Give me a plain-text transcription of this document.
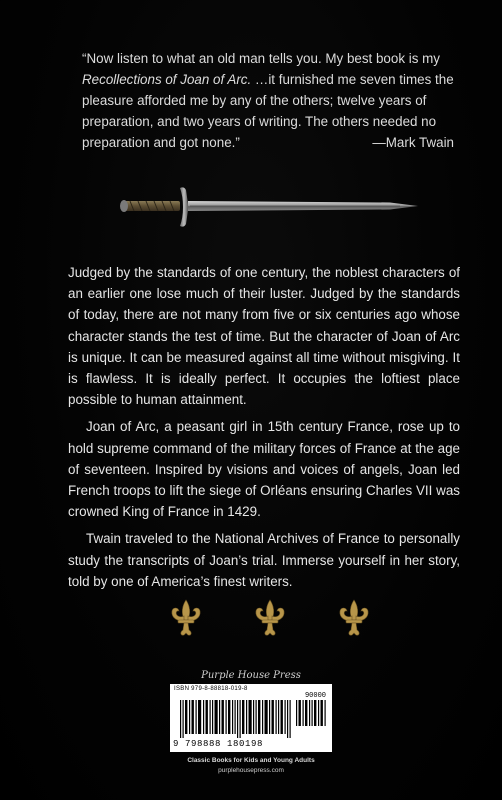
“Now listen to what an old man tells you. My best book is my Recollections of Joan of Arc. …it furnished me seven times the pleasure afforded me by any of the others; twelve years of preparation, and two years of writing. The others needed no preparation and got none.”	—Mark Twain

Judged by the standards of one century, the noblest characters of an earlier one lose much of their luster. Judged by the standards of today, there are not many from five or six centuries ago whose character stands the test of time. But the character of Joan of Arc is unique. It can be measured against all time without misgiving. It is flawless. It is ideally perfect. It occupies the loftiest place possible to human attainment.

Joan of Arc, a peasant girl in 15th century France, rose up to hold supreme command of the military forces of France at the age of seventeen. Inspired by visions and voices of angels, Joan led French troops to lift the siege of Orléans ensuring Charles VII was crowned King of France in 1429.

Twain traveled to the National Archives of France to personally study the transcripts of Joan’s trial. Immerse yourself in her story, told by one of America’s finest writers.

Purple House Press
ISBN 979-8-88818-019-8
90000
9 798888 180198
Classic Books for Kids and Young Adults
purplehousepress.com
